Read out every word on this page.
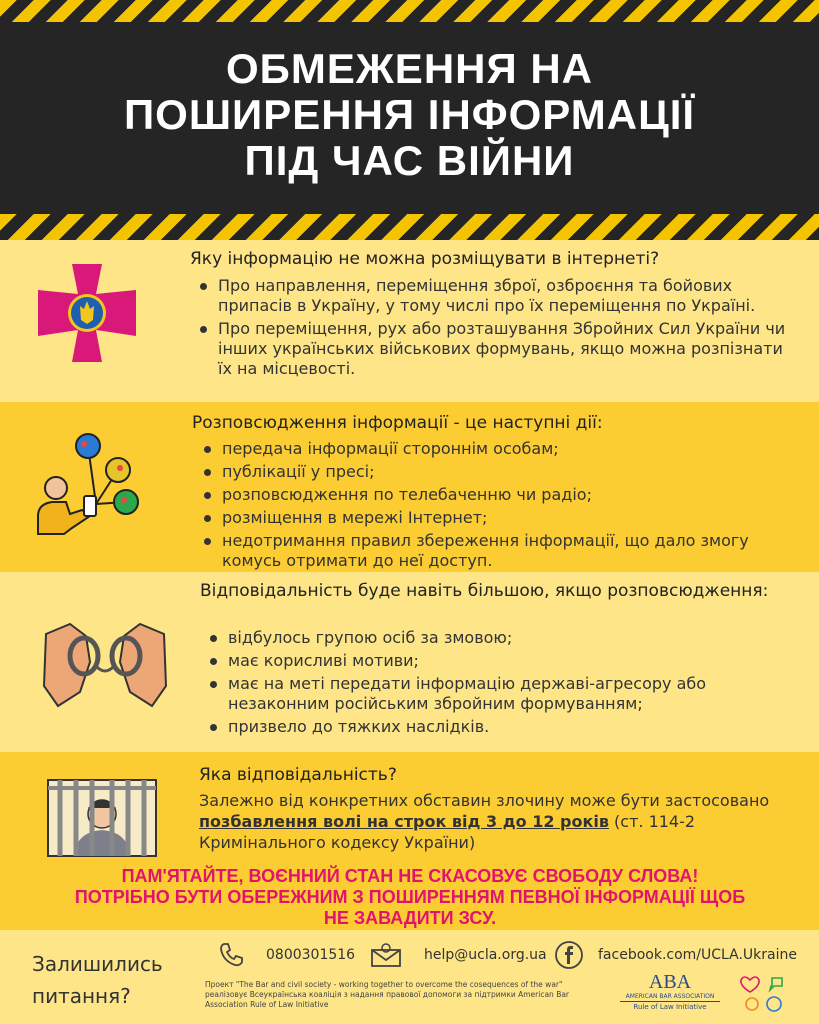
ОБМЕЖЕННЯ НА
ПОШИРЕННЯ ІНФОРМАЦІЇ
ПІД ЧАС ВІЙНИ
Яку інформацію не можна розміщувати в інтернеті?
Про направлення, переміщення зброї, озброєння та бойових припасів в Україну, у тому числі про їх переміщення по Україні.
Про переміщення, рух або розташування Збройних Сил України чи інших українських військових формувань, якщо можна розпізнати їх на місцевості.
Розповсюдження інформації - це наступні дії:
передача інформації стороннім особам;
публікації у пресі;
розповсюдження по телебаченню чи радіо;
розміщення в мережі Інтернет;
недотримання правил збереження інформації, що дало змогу комусь отримати до неї доступ.
Відповідальність буде навіть більшою, якщо розповсюдження:
відбулось групою осіб за змовою;
має корисливі мотиви;
має на меті передати інформацію державі-агресору або незаконним російським збройним формуванням;
призвело до тяжких наслідків.
Яка відповідальність?
Залежно від конкретних обставин злочину може бути застосовано позбавлення волі на строк від 3 до 12 років (ст. 114-2 Кримінального кодексу України)
ПАМ'ЯТАЙТЕ, ВОЄННИЙ СТАН НЕ СКАСОВУЄ СВОБОДУ СЛОВА!
ПОТРІБНО БУТИ ОБЕРЕЖНИМ З ПОШИРЕННЯМ ПЕВНОЇ ІНФОРМАЦІЇ ЩОБ
НЕ ЗАВАДИТИ ЗСУ.
Залишились
питання?
0800301516	help@ucla.org.ua	facebook.com/UCLA.Ukraine
Проект "The Bar and civil society - working together to overcome the cosequences of the war" реалізовує Всеукраїнська коаліція з надання правової допомоги за підтримки American Bar Association Rule of Law Initiative
ABA
AMERICAN BAR ASSOCIATION
Rule of Law Initiative
